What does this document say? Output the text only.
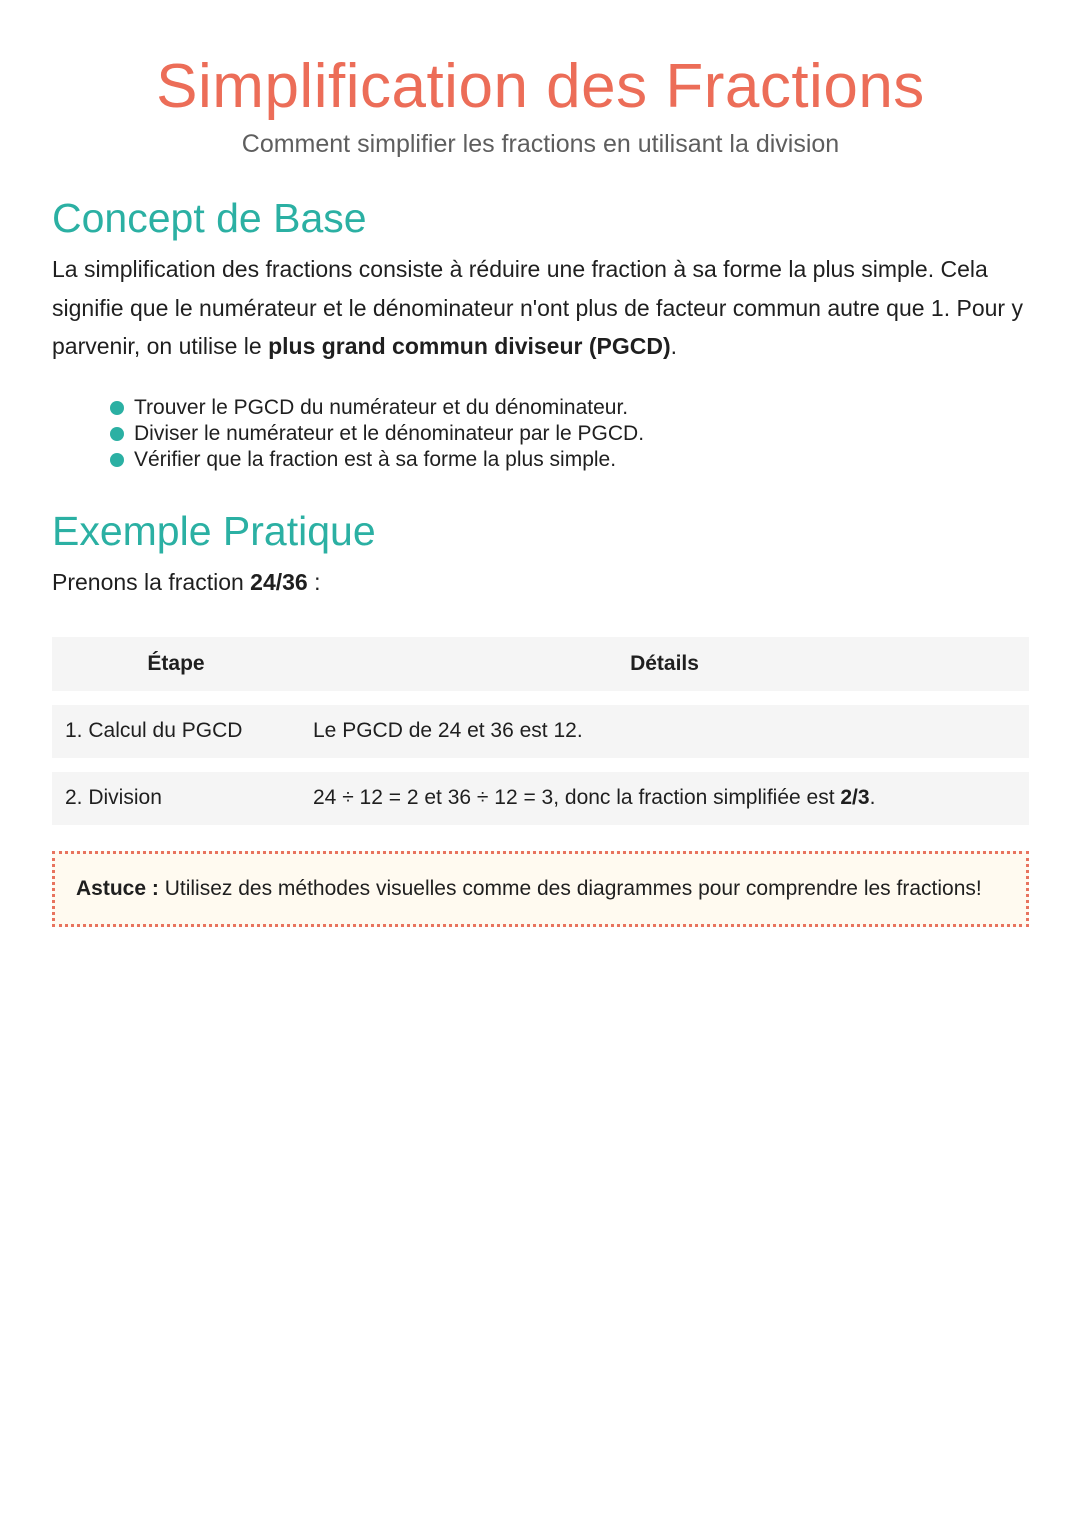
Simplification des Fractions

Comment simplifier les fractions en utilisant la division

Concept de Base

La simplification des fractions consiste à réduire une fraction à sa forme la plus simple. Cela signifie que le numérateur et le dénominateur n'ont plus de facteur commun autre que 1. Pour y parvenir, on utilise le plus grand commun diviseur (PGCD).

Trouver le PGCD du numérateur et du dénominateur.
Diviser le numérateur et le dénominateur par le PGCD.
Vérifier que la fraction est à sa forme la plus simple.
Exemple Pratique

Prenons la fraction 24/36 :

Étape	Détails
1. Calcul du PGCD	Le PGCD de 24 et 36 est 12.
2. Division	24 ÷ 12 = 2 et 36 ÷ 12 = 3, donc la fraction simplifiée est 2/3.
Astuce : Utilisez des méthodes visuelles comme des diagrammes pour comprendre les fractions!
